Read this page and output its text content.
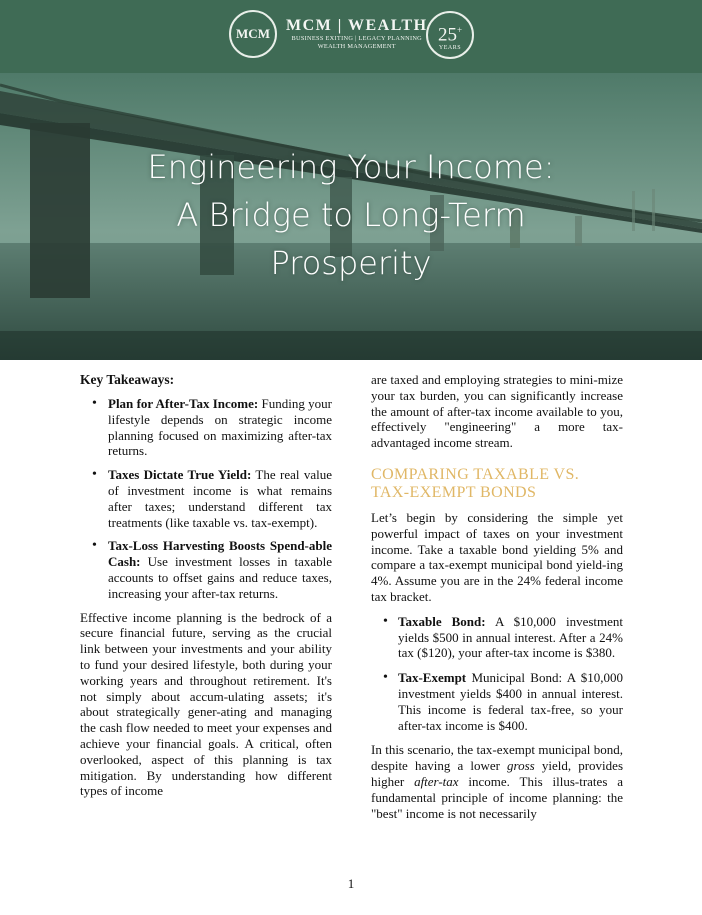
MCM	MCM | WEALTH
BUSINESS EXITING | LEGACY PLANNING
WEALTH MANAGEMENT
25+
YEARS
Engineering Your Income:
A Bridge to Long-Term
Prosperity
Key Takeaways:
• Plan for After-Tax Income: Funding your lifestyle depends on strategic income planning focused on maximizing after-tax returns.
• Taxes Dictate True Yield: The real value of investment income is what remains after taxes; understand different tax treatments (like taxable vs. tax-exempt).
• Tax-Loss Harvesting Boosts Spend-able Cash: Use investment losses in taxable accounts to offset gains and reduce taxes, increasing your after-tax returns.

Effective income planning is the bedrock of a secure financial future, serving as the crucial link between your investments and your ability to fund your desired lifestyle, both during your working years and throughout retirement. It's not simply about accum-ulating assets; it's about strategically gener-ating and managing the cash flow needed to meet your expenses and achieve your financial goals. A critical, often overlooked, aspect of this planning is tax mitigation. By understanding how different types of income

are taxed and employing strategies to mini-mize your tax burden, you can significantly increase the amount of after-tax income available to you, effectively "engineering" a more tax-advantaged income stream.

COMPARING TAXABLE VS.
TAX-EXEMPT BONDS

Let’s begin by considering the simple yet powerful impact of taxes on your investment income. Take a taxable bond yielding 5% and compare a tax-exempt municipal bond yield-ing 4%. Assume you are in the 24% federal income tax bracket.

• Taxable Bond: A $10,000 investment yields $500 in annual interest. After a 24% tax ($120), your after-tax income is $380.
• Tax-Exempt Municipal Bond: A $10,000 investment yields $400 in annual interest. This income is federal tax-free, so your after-tax income is $400.

In this scenario, the tax-exempt municipal bond, despite having a lower gross yield, provides higher after-tax income. This illus-trates a fundamental principle of income planning: the "best" income is not necessarily

1
